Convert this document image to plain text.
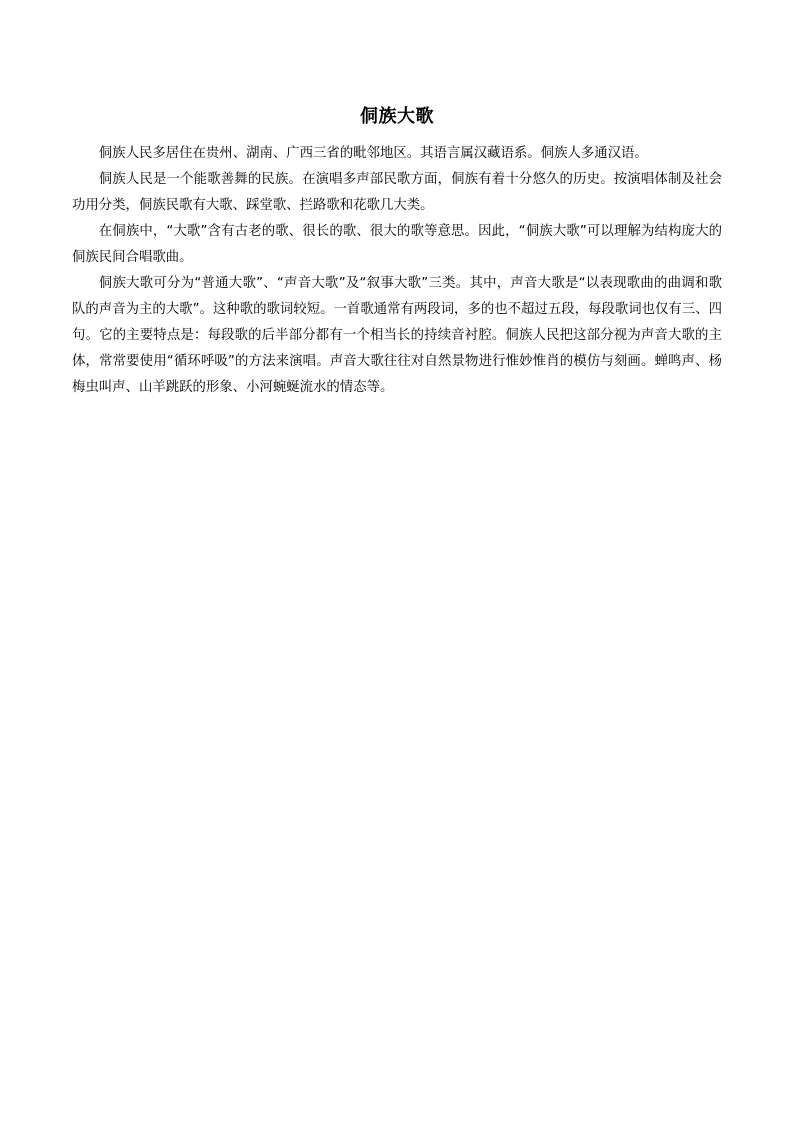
侗族大歌

侗族人民多居住在贵州、湖南、广西三省的毗邻地区。其语言属汉藏语系。侗族人多通汉语。

侗族人民是一个能歌善舞的民族。在演唱多声部民歌方面，侗族有着十分悠久的历史。按演唱体制及社会功用分类，侗族民歌有大歌、踩堂歌、拦路歌和花歌几大类。

在侗族中，“大歌”含有古老的歌、很长的歌、很大的歌等意思。因此，“侗族大歌”可以理解为结构庞大的侗族民间合唱歌曲。

侗族大歌可分为“普通大歌”、“声音大歌”及“叙事大歌”三类。其中，声音大歌是“以表现歌曲的曲调和歌队的声音为主的大歌”。这种歌的歌词较短。一首歌通常有两段词，多的也不超过五段，每段歌词也仅有三、四句。它的主要特点是：每段歌的后半部分都有一个相当长的持续音衬腔。侗族人民把这部分视为声音大歌的主体，常常要使用“循环呼吸”的方法来演唱。声音大歌往往对自然景物进行惟妙惟肖的模仿与刻画。蝉鸣声、杨梅虫叫声、山羊跳跃的形象、小河蜿蜒流水的情态等。
